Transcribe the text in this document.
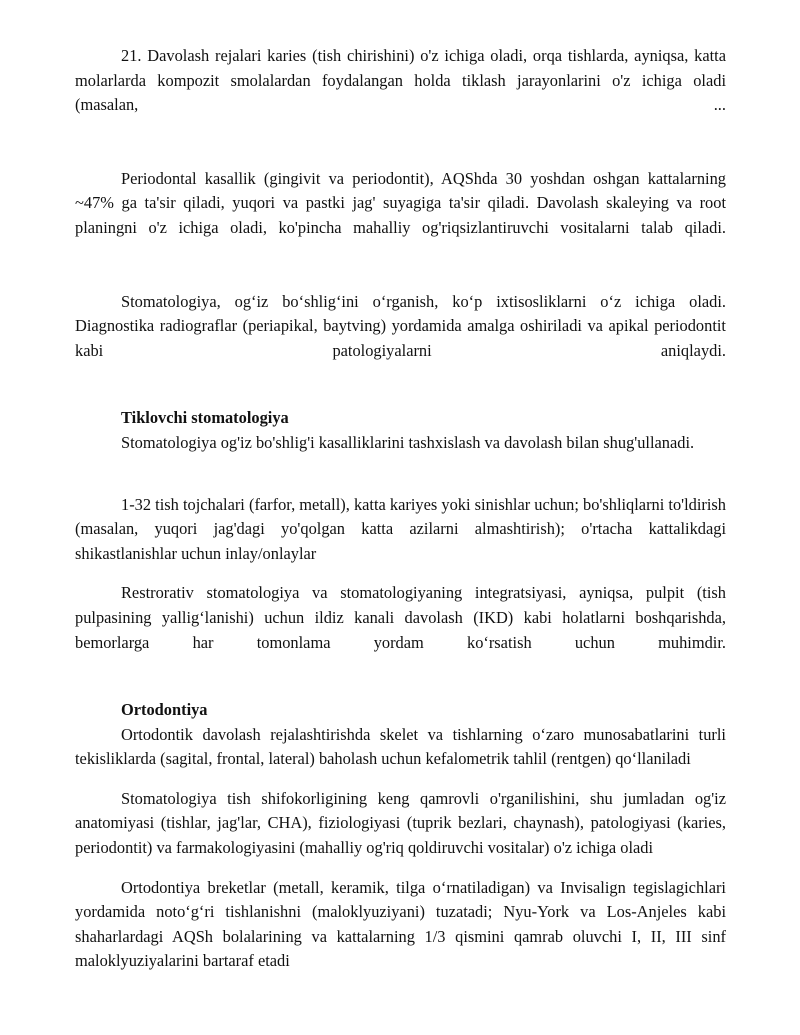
21. Davolash rejalari karies (tish chirishini) o'z ichiga oladi, orqa tishlarda, ayniqsa, katta molarlarda kompozit smolalardan foydalangan holda tiklash jarayonlarini o'z ichiga oladi (masalan, ...

Periodontal kasallik (gingivit va periodontit), AQShda 30 yoshdan oshgan kattalarning ~47% ga ta'sir qiladi, yuqori va pastki jag' suyagiga ta'sir qiladi. Davolash skaleying va root planingni o'z ichiga oladi, ko'pincha mahalliy og'riqsizlantiruvchi vositalarni talab qiladi.

Stomatologiya, og‘iz bo‘shlig‘ini o‘rganish, ko‘p ixtisosliklarni o‘z ichiga oladi. Diagnostika radiograflar (periapikal, baytving) yordamida amalga oshiriladi va apikal periodontit kabi patologiyalarni aniqlaydi.

Tiklovchi stomatologiya

Stomatologiya og'iz bo'shlig'i kasalliklarini tashxislash va davolash bilan shug'ullanadi.

1-32 tish tojchalari (farfor, metall), katta kariyes yoki sinishlar uchun; bo'shliqlarni to'ldirish (masalan, yuqori jag'dagi yo'qolgan katta azilarni almashtirish); o'rtacha kattalikdagi shikastlanishlar uchun inlay/onlaylar

Restrorativ stomatologiya va stomatologiyaning integratsiyasi, ayniqsa, pulpit (tish pulpasining yallig‘lanishi) uchun ildiz kanali davolash (IKD) kabi holatlarni boshqarishda, bemorlarga har tomonlama yordam ko‘rsatish uchun muhimdir.

Ortodontiya

Ortodontik davolash rejalashtirishda skelet va tishlarning o‘zaro munosabatlarini turli tekisliklarda (sagital, frontal, lateral) baholash uchun kefalometrik tahlil (rentgen) qo‘llaniladi

Stomatologiya tish shifokorligining keng qamrovli o'rganilishini, shu jumladan og'iz anatomiyasi (tishlar, jag'lar, CHA), fiziologiyasi (tuprik bezlari, chaynash), patologiyasi (karies, periodontit) va farmakologiyasini (mahalliy og'riq qoldiruvchi vositalar) o'z ichiga oladi

Ortodontiya breketlar (metall, keramik, tilga o‘rnatiladigan) va Invisalign tegislagichlari yordamida noto‘g‘ri tishlanishni (maloklyuziyani) tuzatadi; Nyu-York va Los-Anjeles kabi shaharlardagi AQSh bolalarining va kattalarning 1/3 qismini qamrab oluvchi I, II, III sinf maloklyuziyalarini bartaraf etadi
